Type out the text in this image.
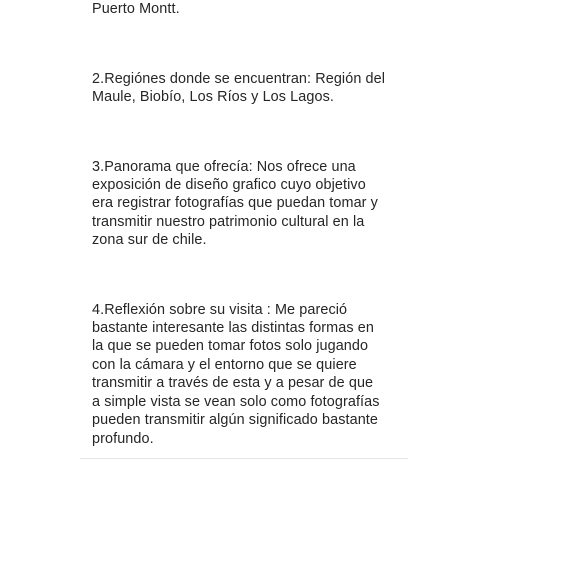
Puerto Montt.

2.Regiónes donde se encuentran: Región del
Maule, Biobío, Los Ríos y Los Lagos.

3.Panorama que ofrecía: Nos ofrece una
exposición de diseño grafico cuyo objetivo
era registrar fotografías que puedan tomar y
transmitir nuestro patrimonio cultural en la
zona sur de chile.

4.Reflexión sobre su visita : Me pareció
bastante interesante las distintas formas en
la que se pueden tomar fotos solo jugando
con la cámara y el entorno que se quiere
transmitir a través de esta y a pesar de que
a simple vista se vean solo como fotografías
pueden transmitir algún significado bastante
profundo.
